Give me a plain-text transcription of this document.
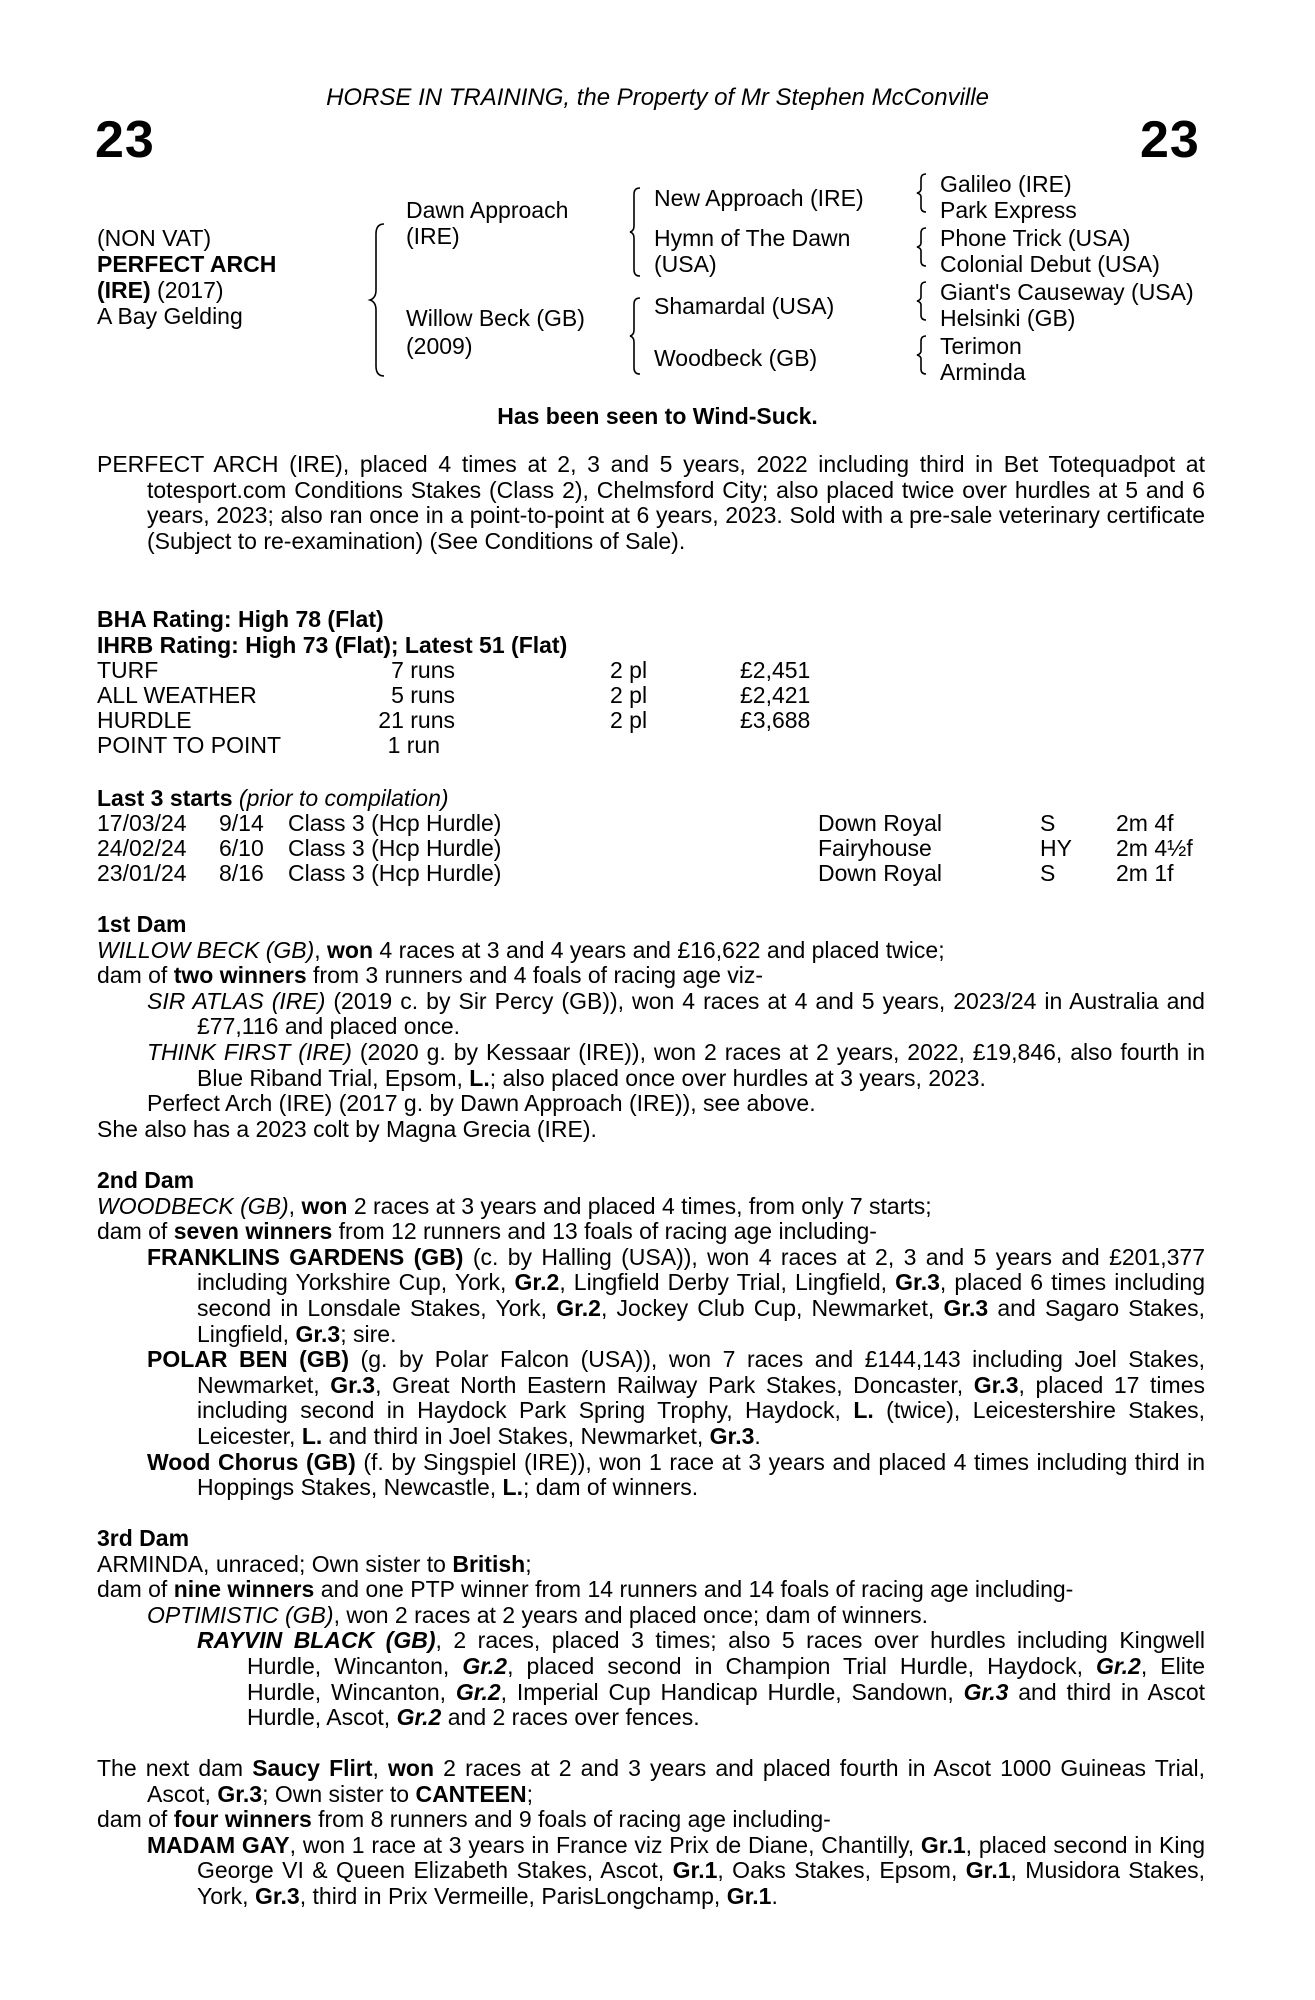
HORSE IN TRAINING, the Property of Mr Stephen McConville
23	23
(NON VAT)
PERFECT ARCH
(IRE) (2017)
A Bay Gelding
Dawn Approach
(IRE)
Willow Beck (GB)
(2009)
New Approach (IRE)
Hymn of The Dawn
(USA)
Shamardal (USA)
Woodbeck (GB)
Galileo (IRE)
Park Express
Phone Trick (USA)
Colonial Debut (USA)
Giant's Causeway (USA)
Helsinki (GB)
Terimon
Arminda
Has been seen to Wind-Suck.

PERFECT ARCH (IRE), placed 4 times at 2, 3 and 5 years, 2022 including third in Bet Totequadpot at totesport.com Conditions Stakes (Class 2), Chelmsford City; also placed twice over hurdles at 5 and 6 years, 2023; also ran once in a point-to-point at 6 years, 2023. Sold with a pre-sale veterinary certificate (Subject to re-examination) (See Conditions of Sale).

BHA Rating: High 78 (Flat)
IHRB Rating: High 73 (Flat); Latest 51 (Flat)
TURF	7 runs	2 pl	£2,451
ALL WEATHER	5 runs	2 pl	£2,421
HURDLE	21 runs	2 pl	£3,688
POINT TO POINT	1 run
Last 3 starts (prior to compilation)
17/03/24 9/14 Class 3 (Hcp Hurdle)	Down Royal	S	2m 4f
24/02/24 6/10 Class 3 (Hcp Hurdle)	Fairyhouse	HY 2m 4½f
23/01/24 8/16 Class 3 (Hcp Hurdle)	Down Royal	S	2m 1f

1st Dam

WILLOW BECK (GB), won 4 races at 3 and 4 years and £16,622 and placed twice;

dam of two winners from 3 runners and 4 foals of racing age viz-

SIR ATLAS (IRE) (2019 c. by Sir Percy (GB)), won 4 races at 4 and 5 years, 2023/24 in Australia and £77,116 and placed once.

THINK FIRST (IRE) (2020 g. by Kessaar (IRE)), won 2 races at 2 years, 2022, £19,846, also fourth in Blue Riband Trial, Epsom, L.; also placed once over hurdles at 3 years, 2023.

Perfect Arch (IRE) (2017 g. by Dawn Approach (IRE)), see above.

She also has a 2023 colt by Magna Grecia (IRE).

2nd Dam

WOODBECK (GB), won 2 races at 3 years and placed 4 times, from only 7 starts;

dam of seven winners from 12 runners and 13 foals of racing age including-

FRANKLINS GARDENS (GB) (c. by Halling (USA)), won 4 races at 2, 3 and 5 years and £201,377 including Yorkshire Cup, York, Gr.2, Lingfield Derby Trial, Lingfield, Gr.3, placed 6 times including second in Lonsdale Stakes, York, Gr.2, Jockey Club Cup, Newmarket, Gr.3 and Sagaro Stakes, Lingfield, Gr.3; sire.

POLAR BEN (GB) (g. by Polar Falcon (USA)), won 7 races and £144,143 including Joel Stakes, Newmarket, Gr.3, Great North Eastern Railway Park Stakes, Doncaster, Gr.3, placed 17 times including second in Haydock Park Spring Trophy, Haydock, L. (twice), Leicestershire Stakes, Leicester, L. and third in Joel Stakes, Newmarket, Gr.3.

Wood Chorus (GB) (f. by Singspiel (IRE)), won 1 race at 3 years and placed 4 times including third in Hoppings Stakes, Newcastle, L.; dam of winners.

3rd Dam

ARMINDA, unraced; Own sister to British;

dam of nine winners and one PTP winner from 14 runners and 14 foals of racing age including-

OPTIMISTIC (GB), won 2 races at 2 years and placed once; dam of winners.

RAYVIN BLACK (GB), 2 races, placed 3 times; also 5 races over hurdles including Kingwell Hurdle, Wincanton, Gr.2, placed second in Champion Trial Hurdle, Haydock, Gr.2, Elite Hurdle, Wincanton, Gr.2, Imperial Cup Handicap Hurdle, Sandown, Gr.3 and third in Ascot Hurdle, Ascot, Gr.2 and 2 races over fences.

The next dam Saucy Flirt, won 2 races at 2 and 3 years and placed fourth in Ascot 1000 Guineas Trial, Ascot, Gr.3; Own sister to CANTEEN;

dam of four winners from 8 runners and 9 foals of racing age including-

MADAM GAY, won 1 race at 3 years in France viz Prix de Diane, Chantilly, Gr.1, placed second in King George VI & Queen Elizabeth Stakes, Ascot, Gr.1, Oaks Stakes, Epsom, Gr.1, Musidora Stakes, York, Gr.3, third in Prix Vermeille, ParisLongchamp, Gr.1.
